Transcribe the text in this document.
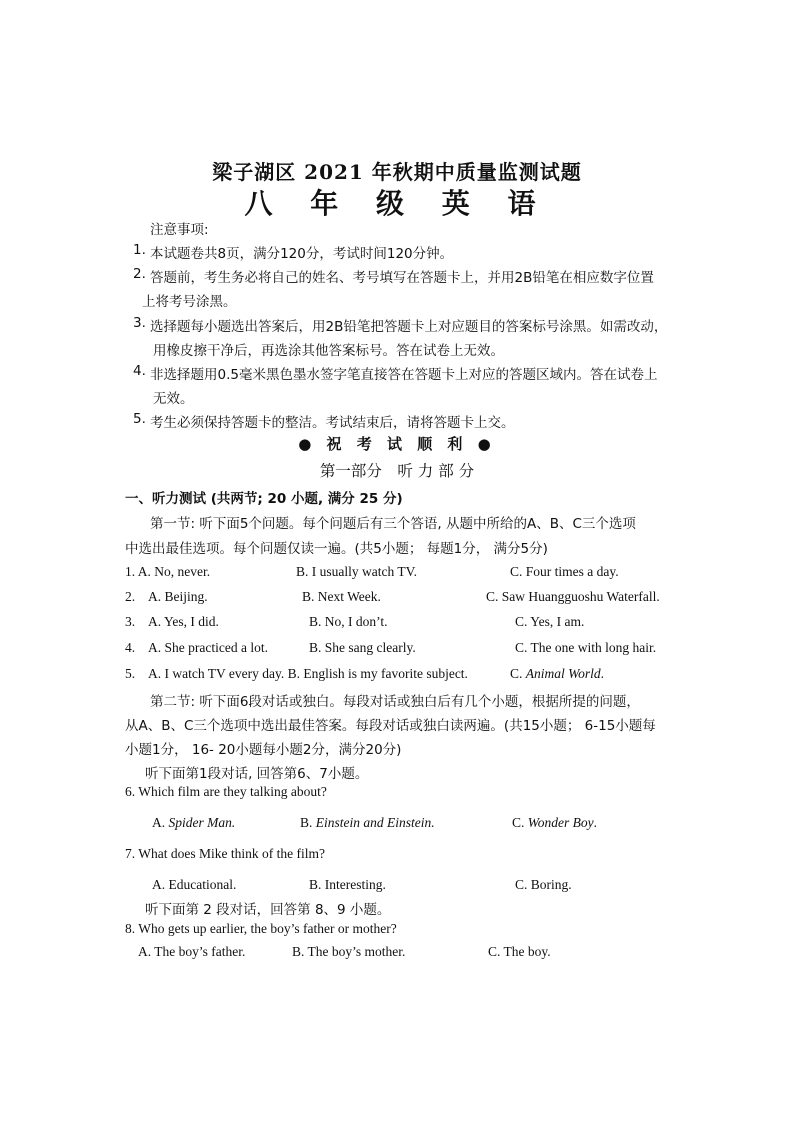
梁子湖区 2021 年秋期中质量监测试题
八 年 级 英 语
注意事项:
1. 本试题卷共8页，满分120分，考试时间120分钟。
2. 答题前，考生务必将自己的姓名、考号填写在答题卡上，并用2B铅笔在相应数字位置
上将考号涂黑。
3. 选择题每小题选出答案后，用2B铅笔把答题卡上对应题目的答案标号涂黑。如需改动，
用橡皮擦干净后，再选涂其他答案标号。答在试卷上无效。
4. 非选择题用0.5毫米黑色墨水签字笔直接答在答题卡上对应的答题区域内。答在试卷上
无效。
5. 考生必须保持答题卡的整洁。考试结束后，请将答题卡上交。
● 祝 考 试 顺 利 ●
第一部分　听 力 部 分
一、听力测试 (共两节; 20 小题, 满分 25 分)
第一节: 听下面5个问题。每个问题后有三个答语, 从题中所给的A、B、C三个选项
中选出最佳选项。每个问题仅读一遍。(共5小题； 每题1分， 满分5分)
1. A. No, never.	B. I usually watch TV.	C. Four times a day.
2. A. Beijing.	B. Next Week.	C. Saw Huangguoshu Waterfall.
3. A. Yes, I did.	B. No, I don’t.	C. Yes, I am.
4. A. She practiced a lot.	B. She sang clearly.	C. The one with long hair.
5. A. I watch TV every day. B. English is my favorite subject.	C. Animal World.
第二节: 听下面6段对话或独白。每段对话或独白后有几个小题，根据所提的问题，
从A、B、C三个选项中选出最佳答案。每段对话或独白读两遍。(共15小题； 6-15小题每
小题1分， 16- 20小题每小题2分，满分20分)
听下面第1段对话, 回答第6、7小题。
6. Which film are they talking about?
A. Spider Man.	B. Einstein and Einstein.	C. Wonder Boy.
7. What does Mike think of the film?
A. Educational.	B. Interesting.	C. Boring.
听下面第 2 段对话，回答第 8、9 小题。
8. Who gets up earlier, the boy’s father or mother?
A. The boy’s father.	B. The boy’s mother.	C. The boy.
